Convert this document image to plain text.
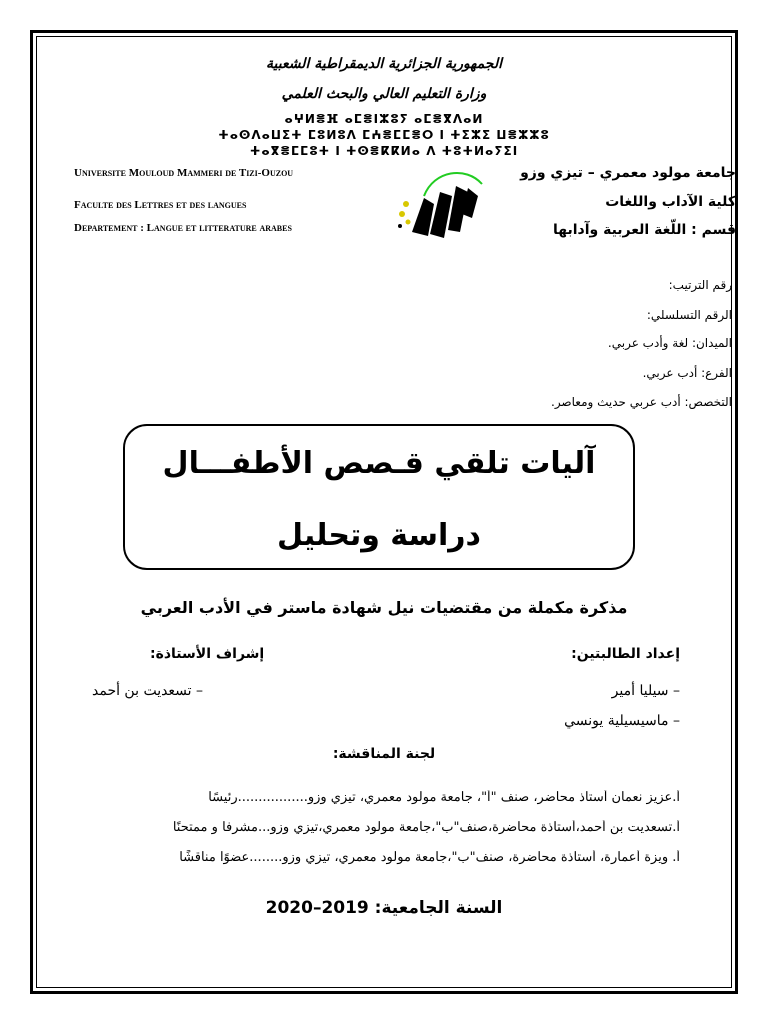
الجمهورية الجزائرية الديمقراطية الشعبية
وزارة التعليم العالي والبحث العلمي
ⴰⵖⵍⴻⴼ ⴰⵎⴻⵏⵣⵓⵢ ⴰⵎⴻⴳⴷⴰⵍ
ⵜⴰⵙⴷⴰⵡⵉⵜ ⵎⵓⵍⵓⴷ ⵎⵄⴻⵎⵎⴻⵔ ⵏ ⵜⵉⵣⵉ ⵡⴻⵣⵣⵓ
ⵜⴰⴳⴻⵎⵎⵓⵜ ⵏ ⵜⵙⴻⴽⴽⵍⴰ ⴷ ⵜⵓⵜⵍⴰⵢⵉⵏ
Universite Mouloud Mammeri de Tizi-Ouzou
Faculte des Lettres et des langues
Departement : Langue et litterature arabes
جامعة مولود معمري – تيزي وزو
كلية الآداب واللغات
قسم : اللّغة العربية وآدابها
رقم الترتيب:
الرقم التسلسلي:
الميدان: لغة وأدب عربي.
الفرع: أدب عربي.
التخصص: أدب عربي حديث ومعاصر.
آليات تلقي قـصص الأطفـــال
دراسة وتحليل
مذكرة مكملة من مقتضيات نيل شهادة ماستر في الأدب العربي
إعداد الطالبتين:
– سيليا أمير
– ماسيسيلية يونسي
إشراف الأستاذة:
– تسعديت بن أحمد
لجنة المناقشة:
أ.عزيز نعمان أستاذ محاضر، صنف "أ"، جامعة مولود معمري، تيزي وزو.................رئيسًا
أ.تسعديت بن أحمد،أستاذة محاضرة،صنف"ب"،جامعة مولود معمري،تيزي وزو...مشرفا و ممتحنًا
أ. ويزة أعمارة، أستاذة محاضرة، صنف"ب"،جامعة مولود معمري، تيزي وزو........عضوًا مناقشًا
السنة الجامعية: 2019–2020
